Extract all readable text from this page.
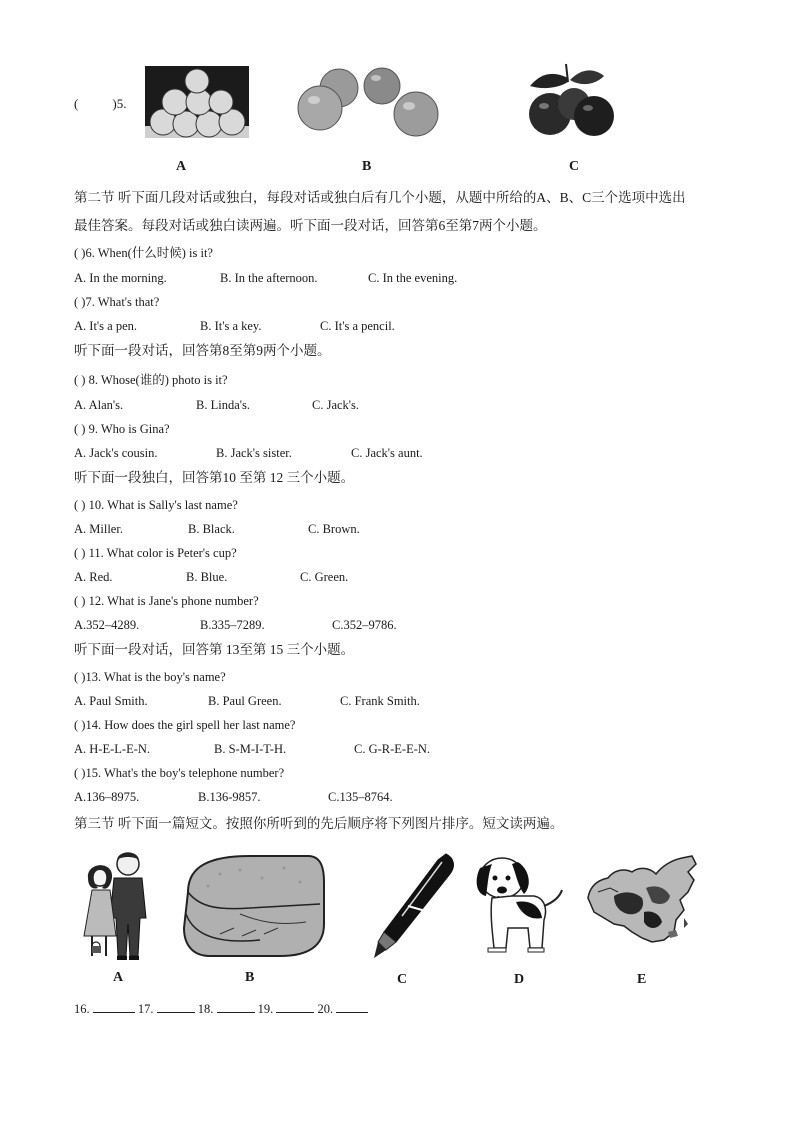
(	)5.
A	B	C
第二节 听下面几段对话或独白，每段对话或独白后有几个小题，从题中所给的A、B、C三个选项中选出
最佳答案。每段对话或独白读两遍。听下面一段对话，回答第6至第7两个小题。
( )6. When(什么时候) is it?
A. In the morning.	B. In the afternoon.	C. In the evening.
( )7. What's that?
A. It's a pen.	B. It's a key.	C. It's a pencil.
听下面一段对话，回答第8至第9两个小题。
( ) 8. Whose(谁的) photo is it?
A. Alan's.	B. Linda's.	C. Jack's.
( ) 9. Who is Gina?
A. Jack's cousin.	B. Jack's sister.	C. Jack's aunt.
听下面一段独白，回答第10 至第 12 三个小题。
( ) 10. What is Sally's last name?
A. Miller.	B. Black.	C. Brown.
( ) 11. What color is Peter's cup?
A. Red.	B. Blue.	C. Green.
( ) 12. What is Jane's phone number?
A.352–4289.	B.335–7289.	C.352–9786.
听下面一段对话，回答第 13至第 15 三个小题。
( )13. What is the boy's name?
A. Paul Smith.	B. Paul Green.	C. Frank Smith.
( )14. How does the girl spell her last name?
A. H-E-L-E-N.	B. S-M-I-T-H.	C. G-R-E-E-N.
( )15. What's the boy's telephone number?
A.136–8975.	B.136-9857.	C.135–8764.
第三节 听下面一篇短文。按照你所听到的先后顺序将下列图片排序。短文读两遍。
A	B	C	D	E
16.	17.	18.	19.	20.
